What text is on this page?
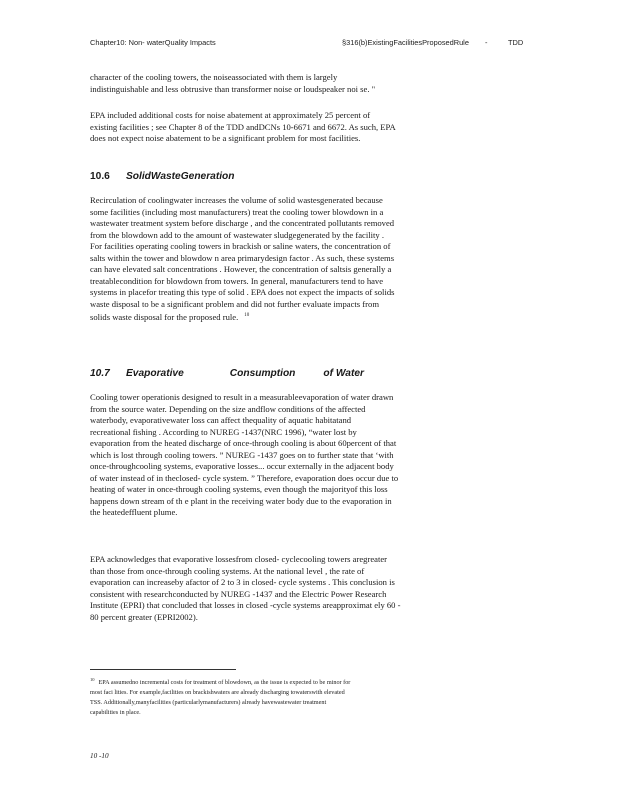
Chapter10: Non- waterQuality Impacts	§316(b)ExistingFacilitiesProposedRule -	TDD
character of the cooling towers, the noiseassociated with them is largely
indistinguishable and less obtrusive than transformer noise or loudspeaker noi se. "
EPA included additional costs for noise abatement at approximately 25 percent of
existing facilities ; see Chapter 8 of the TDD andDCNs 10-6671 and 6672. As such, EPA
does not expect noise abatement to be a significant problem for most facilities.
10.6 SolidWasteGeneration
Recirculation of coolingwater increases the volume of solid wastesgenerated because
some facilities (including most manufacturers) treat the cooling tower blowdown in a
wastewater treatment system before discharge , and the concentrated pollutants removed
from the blowdown add to the amount of wastewater sludgegenerated by the facility .
For facilities operating cooling towers in brackish or saline waters, the concentration of
salts within the tower and blowdow n area primarydesign factor . As such, these systems
can have elevated salt concentrations . However, the concentration of saltsis generally a
treatablecondition for blowdown from towers. In general, manufacturers tend to have
systems in placefor treating this type of solid . EPA does not expect the impacts of solids
waste disposal to be a significant problem and did not further evaluate impacts from
solids waste disposal for the proposed rule. $^{10}$
10.7 Evaporative	Consumption	of Water
Cooling tower operationis designed to result in a measurableevaporation of water drawn
from the source water. Depending on the size andflow conditions of the affected
waterbody, evaporativewater loss can affect thequality of aquatic habitatand
recreational fishing . According to NUREG -1437(NRC 1996), “water lost by
evaporation from the heated discharge of once-through cooling is about 60percent of that
which is lost through cooling towers. ” NUREG -1437 goes on to further state that ‘with
once-throughcooling systems, evaporative losses... occur externally in the adjacent body
of water instead of in theclosed- cycle system. ” Therefore, evaporation does occur due to
heating of water in once-through cooling systems, even though the majorityof this loss
happens down stream of th e plant in the receiving water body due to the evaporation in
the heatedeffluent plume.
EPA acknowledges that evaporative lossesfrom closed- cyclecooling towers aregreater
than those from once-through cooling systems. At the national level , the rate of
evaporation can increaseby afactor of 2 to 3 in closed- cycle systems . This conclusion is
consistent with researchconducted by NUREG -1437 and the Electric Power Research
Institute (EPRI) that concluded that losses in closed -cycle systems areapproximat ely 60 -
80 percent greater (EPRI2002).
$^{10}$ EPA assumedno incremental costs for treatment of blowdown, as the issue is expected to be minor for
most faci lities. For example,facilities on brackishwaters are already discharging towaterswith elevated
TSS. Additionally,manyfacilities (particularlymanufacturers) already havewastewater treatment
capabilities in place.
10 -10
